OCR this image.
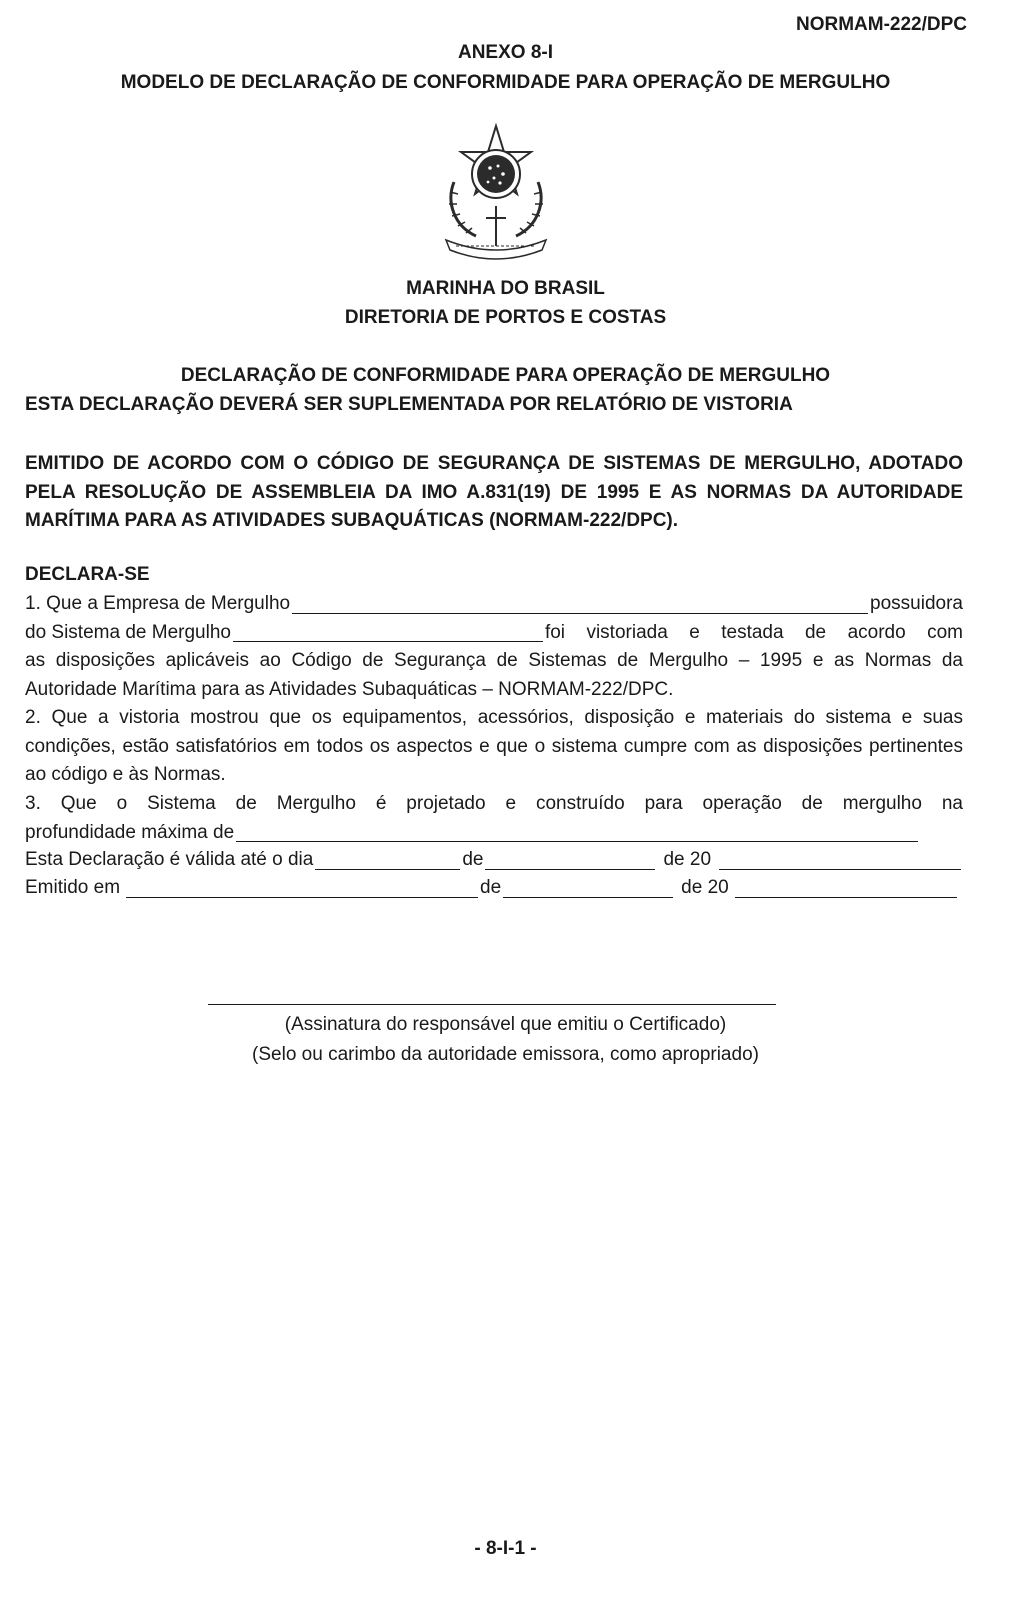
NORMAM-222/DPC
ANEXO 8-I
MODELO DE DECLARAÇÃO DE CONFORMIDADE PARA OPERAÇÃO DE MERGULHO
MARINHA DO BRASIL
DIRETORIA DE PORTOS E COSTAS
DECLARAÇÃO DE CONFORMIDADE PARA OPERAÇÃO DE MERGULHO
ESTA DECLARAÇÃO DEVERÁ SER SUPLEMENTADA POR RELATÓRIO DE VISTORIA
EMITIDO DE ACORDO COM O CÓDIGO DE SEGURANÇA DE SISTEMAS DE MERGULHO, ADOTADO PELA RESOLUÇÃO DE ASSEMBLEIA DA IMO A.831(19) DE 1995 E AS NORMAS DA AUTORIDADE MARÍTIMA PARA AS ATIVIDADES SUBAQUÁTICAS (NORMAM-222/DPC).
DECLARA-SE
1. Que a Empresa de Mergulho	possuidora
do Sistema de Mergulho	foi vistoriada e testada de acordo com
as disposições aplicáveis ao Código de Segurança de Sistemas de Mergulho – 1995 e as Normas da Autoridade Marítima para as Atividades Subaquáticas – NORMAM-222/DPC.
2. Que a vistoria mostrou que os equipamentos, acessórios, disposição e materiais do sistema e suas condições, estão satisfatórios em todos os aspectos e que o sistema cumpre com as disposições pertinentes ao código e às Normas.
3. Que o Sistema de Mergulho é projetado e construído para operação de mergulho na
profundidade máxima de
Esta Declaração é válida até o dia	de	de 20
Emitido em	de	de 20
(Assinatura do responsável que emitiu o Certificado)
(Selo ou carimbo da autoridade emissora, como apropriado)
- 8-I-1 -
